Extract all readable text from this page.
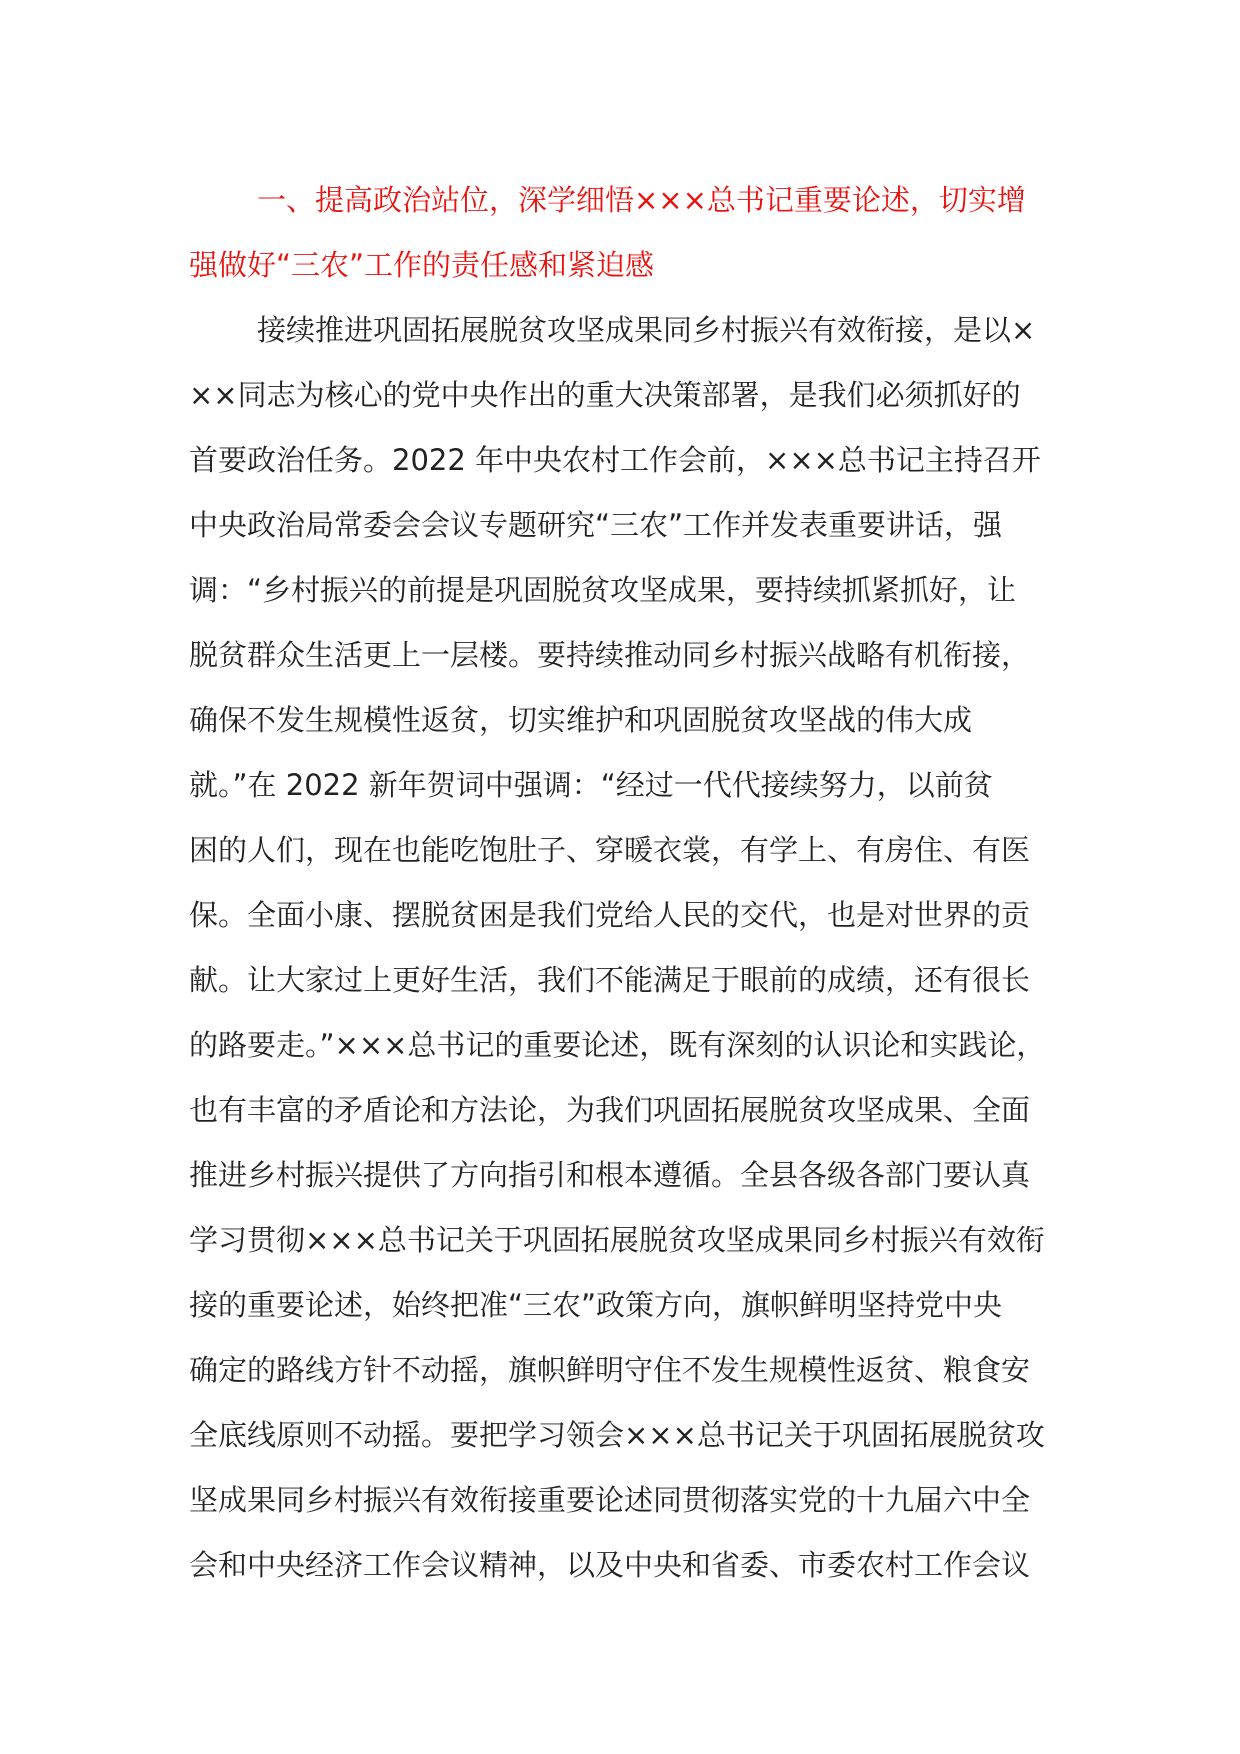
一、提高政治站位，深学细悟×××总书记重要论述，切实增
强做好“三农”工作的责任感和紧迫感
接续推进巩固拓展脱贫攻坚成果同乡村振兴有效衔接，是以×
××同志为核心的党中央作出的重大决策部署，是我们必须抓好的
首要政治任务。2022 年中央农村工作会前，×××总书记主持召开
中央政治局常委会会议专题研究“三农”工作并发表重要讲话，强
调：“乡村振兴的前提是巩固脱贫攻坚成果，要持续抓紧抓好，让
脱贫群众生活更上一层楼。要持续推动同乡村振兴战略有机衔接，
确保不发生规模性返贫，切实维护和巩固脱贫攻坚战的伟大成
就。”在 2022 新年贺词中强调：“经过一代代接续努力，以前贫
困的人们，现在也能吃饱肚子、穿暖衣裳，有学上、有房住、有医
保。全面小康、摆脱贫困是我们党给人民的交代，也是对世界的贡
献。让大家过上更好生活，我们不能满足于眼前的成绩，还有很长
的路要走。”×××总书记的重要论述，既有深刻的认识论和实践论，
也有丰富的矛盾论和方法论，为我们巩固拓展脱贫攻坚成果、全面
推进乡村振兴提供了方向指引和根本遵循。全县各级各部门要认真
学习贯彻×××总书记关于巩固拓展脱贫攻坚成果同乡村振兴有效衔
接的重要论述，始终把准“三农”政策方向，旗帜鲜明坚持党中央
确定的路线方针不动摇，旗帜鲜明守住不发生规模性返贫、粮食安
全底线原则不动摇。要把学习领会×××总书记关于巩固拓展脱贫攻
坚成果同乡村振兴有效衔接重要论述同贯彻落实党的十九届六中全
会和中央经济工作会议精神，以及中央和省委、市委农村工作会议
